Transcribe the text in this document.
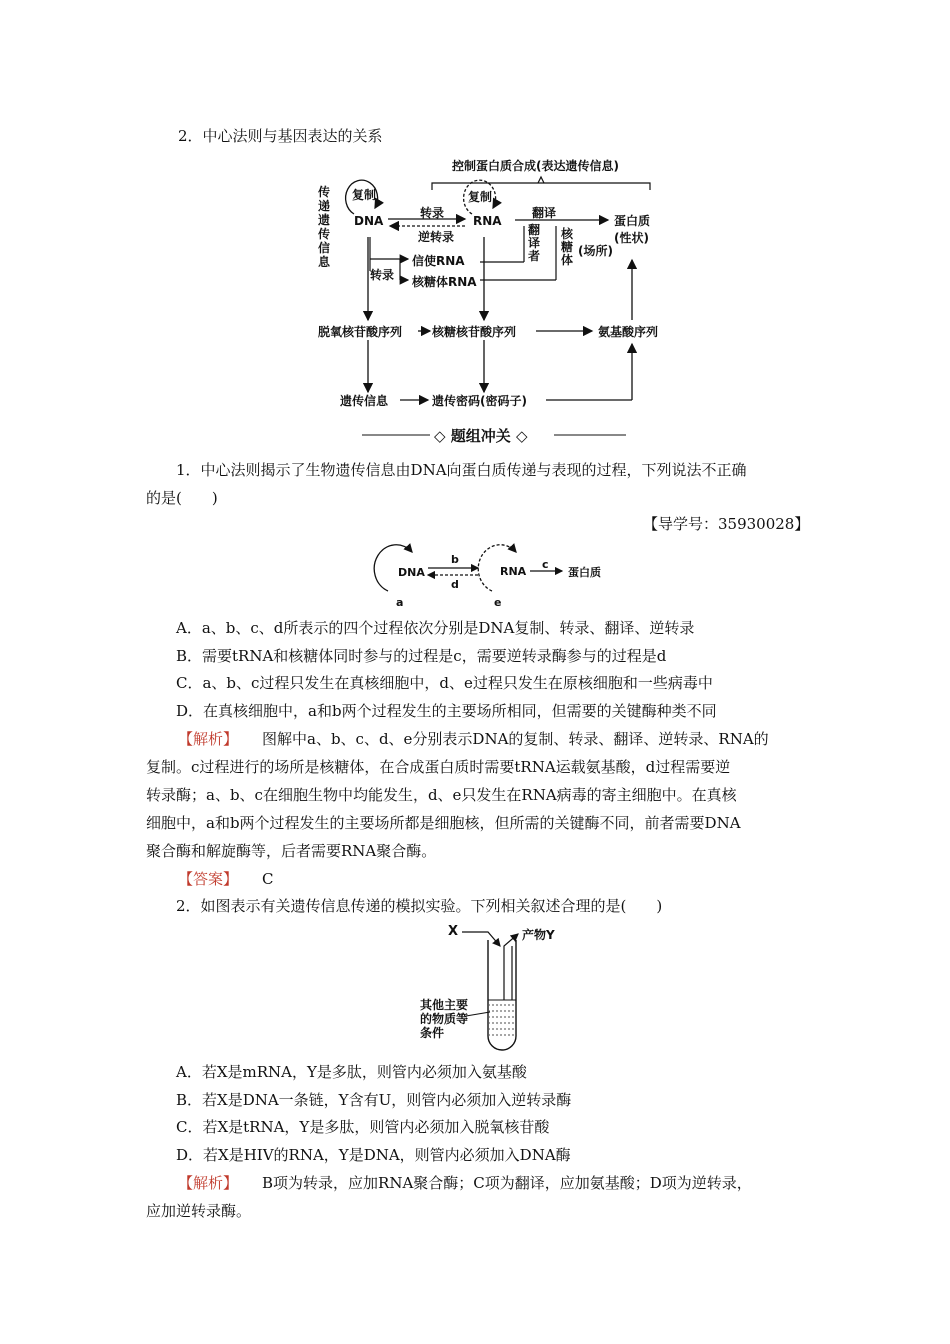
2．中心法则与基因表达的关系
控制蛋白质合成(表达遗传信息)
传
递
遗
传
信
息
复制
DNA
复制
RNA
转录
逆转录
翻译
翻
译
者
核
糖
体
(场所)
蛋白质
(性状)
转录
信使RNA
核糖体RNA
脱氧核苷酸序列 核糖核苷酸序列	氨基酸序列
遗传信息	遗传密码(密码子)
◇ 题组冲关 ◇
1．中心法则揭示了生物遗传信息由DNA向蛋白质传递与表现的过程，下列说法不正确
的是(　　)
【导学号：35930028】
DNA	RNA	蛋白质
a
b	c
d
e
A．a、b、c、d所表示的四个过程依次分别是DNA复制、转录、翻译、逆转录
B．需要tRNA和核糖体同时参与的过程是c，需要逆转录酶参与的过程是d
C．a、b、c过程只发生在真核细胞中，d、e过程只发生在原核细胞和一些病毒中
D．在真核细胞中，a和b两个过程发生的主要场所相同，但需要的关键酶种类不同
【解析】 图解中a、b、c、d、e分别表示DNA的复制、转录、翻译、逆转录、RNA的
复制。c过程进行的场所是核糖体，在合成蛋白质时需要tRNA运载氨基酸，d过程需要逆
转录酶；a、b、c在细胞生物中均能发生，d、e只发生在RNA病毒的寄主细胞中。在真核
细胞中，a和b两个过程发生的主要场所都是细胞核，但所需的关键酶不同，前者需要DNA
聚合酶和解旋酶等，后者需要RNA聚合酶。
【答案】 C
2．如图表示有关遗传信息传递的模拟实验。下列相关叙述合理的是(　　)
X	产物Y
其他主要
的物质等
条件
A．若X是mRNA，Y是多肽，则管内必须加入氨基酸
B．若X是DNA一条链，Y含有U，则管内必须加入逆转录酶
C．若X是tRNA，Y是多肽，则管内必须加入脱氧核苷酸
D．若X是HIV的RNA，Y是DNA，则管内必须加入DNA酶
【解析】 B项为转录，应加RNA聚合酶；C项为翻译，应加氨基酸；D项为逆转录，
应加逆转录酶。
